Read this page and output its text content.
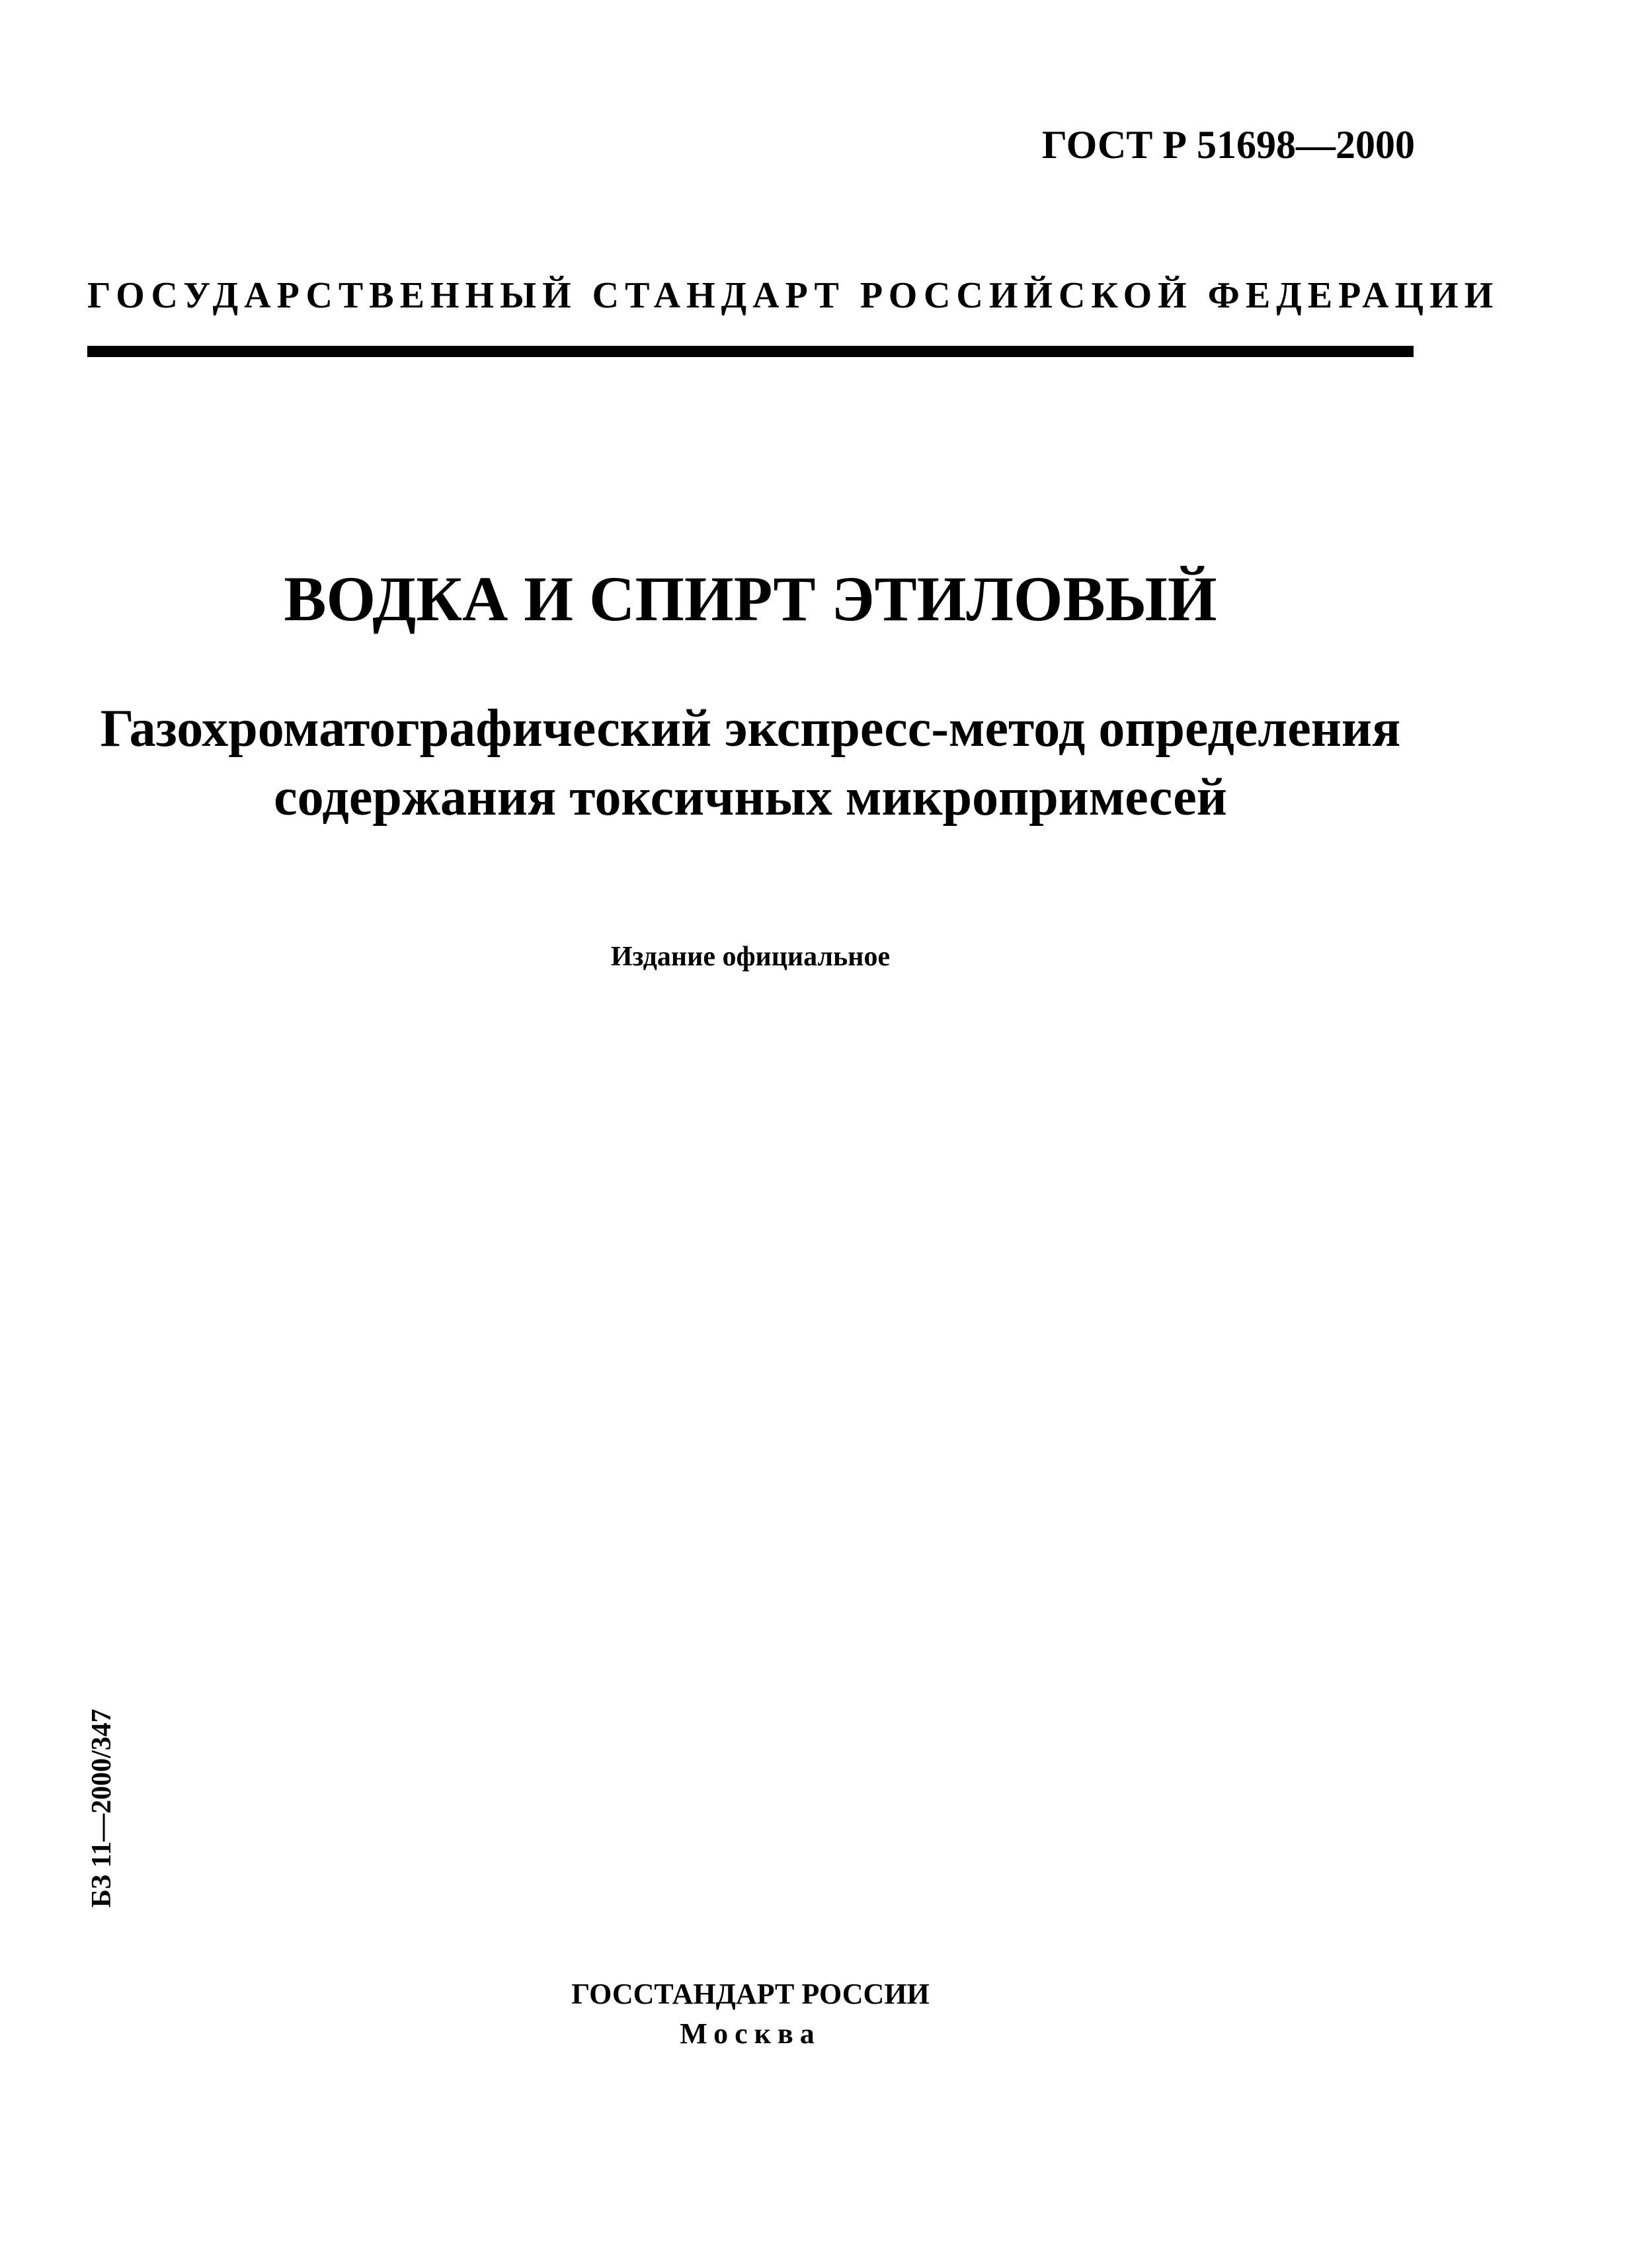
ГОСТ Р 51698—2000
ГОСУДАРСТВЕННЫЙ СТАНДАРТ РОССИЙСКОЙ ФЕДЕРАЦИИ
ВОДКА И СПИРТ ЭТИЛОВЫЙ
Газохроматографический экспресс-метод определения
содержания токсичных микропримесей
Издание официальное
БЗ 11—2000/347
ГОССТАНДАРТ РОССИИ
Москва
